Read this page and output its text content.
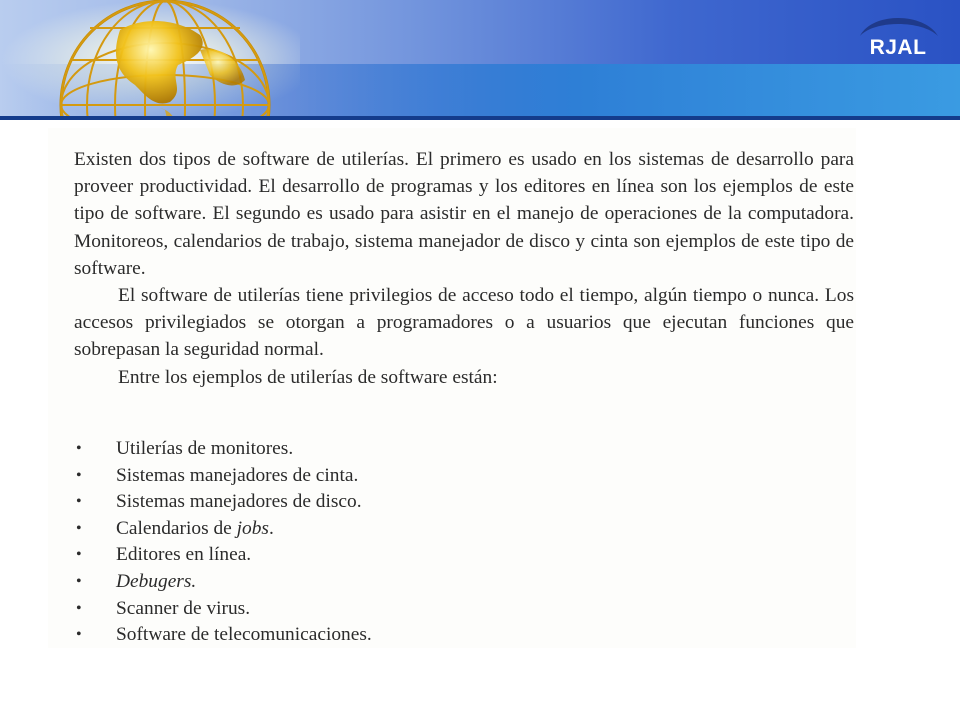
RJAL

Existen dos tipos de software de utilerías. El primero es usado en los sistemas de desarrollo para proveer productividad. El desarrollo de programas y los editores en línea son los ejemplos de este tipo de software. El segundo es usado para asistir en el manejo de operaciones de la computadora. Monitoreos, calendarios de trabajo, sistema manejador de disco y cinta son ejemplos de este tipo de software.

El software de utilerías tiene privilegios de acceso todo el tiempo, algún tiempo o nunca. Los accesos privilegiados se otorgan a programadores o a usuarios que ejecutan funciones que sobrepasan la seguridad normal.

Entre los ejemplos de utilerías de software están:

• Utilerías de monitores.
• Sistemas manejadores de cinta.
• Sistemas manejadores de disco.
• Calendarios de jobs.
• Editores en línea.
• Debugers.
• Scanner de virus.
• Software de telecomunicaciones.
